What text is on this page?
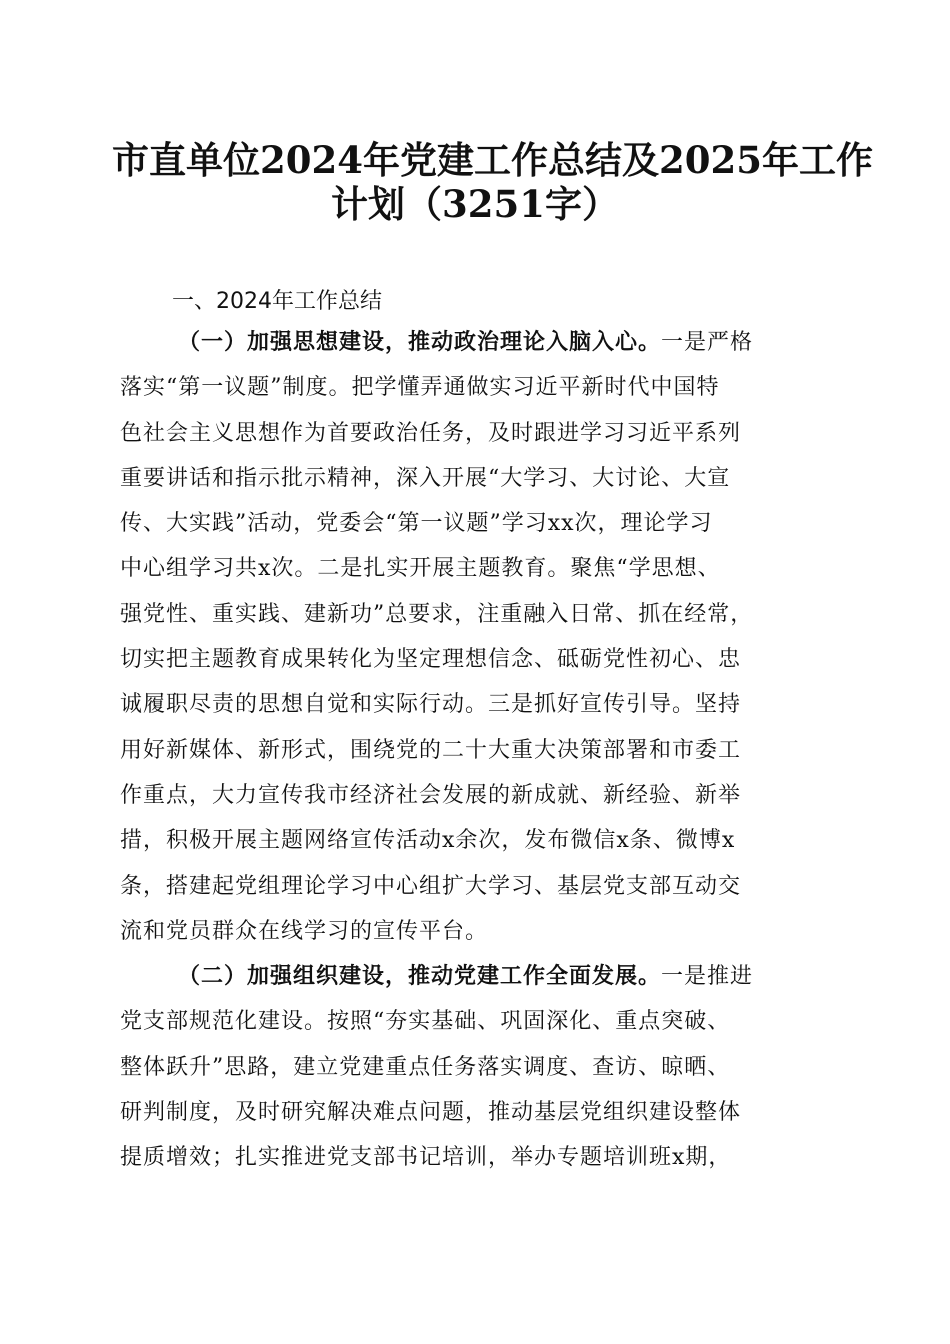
市直单位2024年党建工作总结及2025年工作
计划（3251字）
一、2024年工作总结
（一）加强思想建设，推动政治理论入脑入心。一是严格
落实“第一议题”制度。把学懂弄通做实习近平新时代中国特
色社会主义思想作为首要政治任务，及时跟进学习习近平系列
重要讲话和指示批示精神，深入开展“大学习、大讨论、大宣
传、大实践”活动，党委会“第一议题”学习xx次，理论学习
中心组学习共x次。二是扎实开展主题教育。聚焦“学思想、
强党性、重实践、建新功”总要求，注重融入日常、抓在经常，
切实把主题教育成果转化为坚定理想信念、砥砺党性初心、忠
诚履职尽责的思想自觉和实际行动。三是抓好宣传引导。坚持
用好新媒体、新形式，围绕党的二十大重大决策部署和市委工
作重点，大力宣传我市经济社会发展的新成就、新经验、新举
措，积极开展主题网络宣传活动x余次，发布微信x条、微博x
条，搭建起党组理论学习中心组扩大学习、基层党支部互动交
流和党员群众在线学习的宣传平台。
（二）加强组织建设，推动党建工作全面发展。一是推进
党支部规范化建设。按照“夯实基础、巩固深化、重点突破、
整体跃升”思路，建立党建重点任务落实调度、查访、晾晒、
研判制度，及时研究解决难点问题，推动基层党组织建设整体
提质增效；扎实推进党支部书记培训，举办专题培训班x期，
